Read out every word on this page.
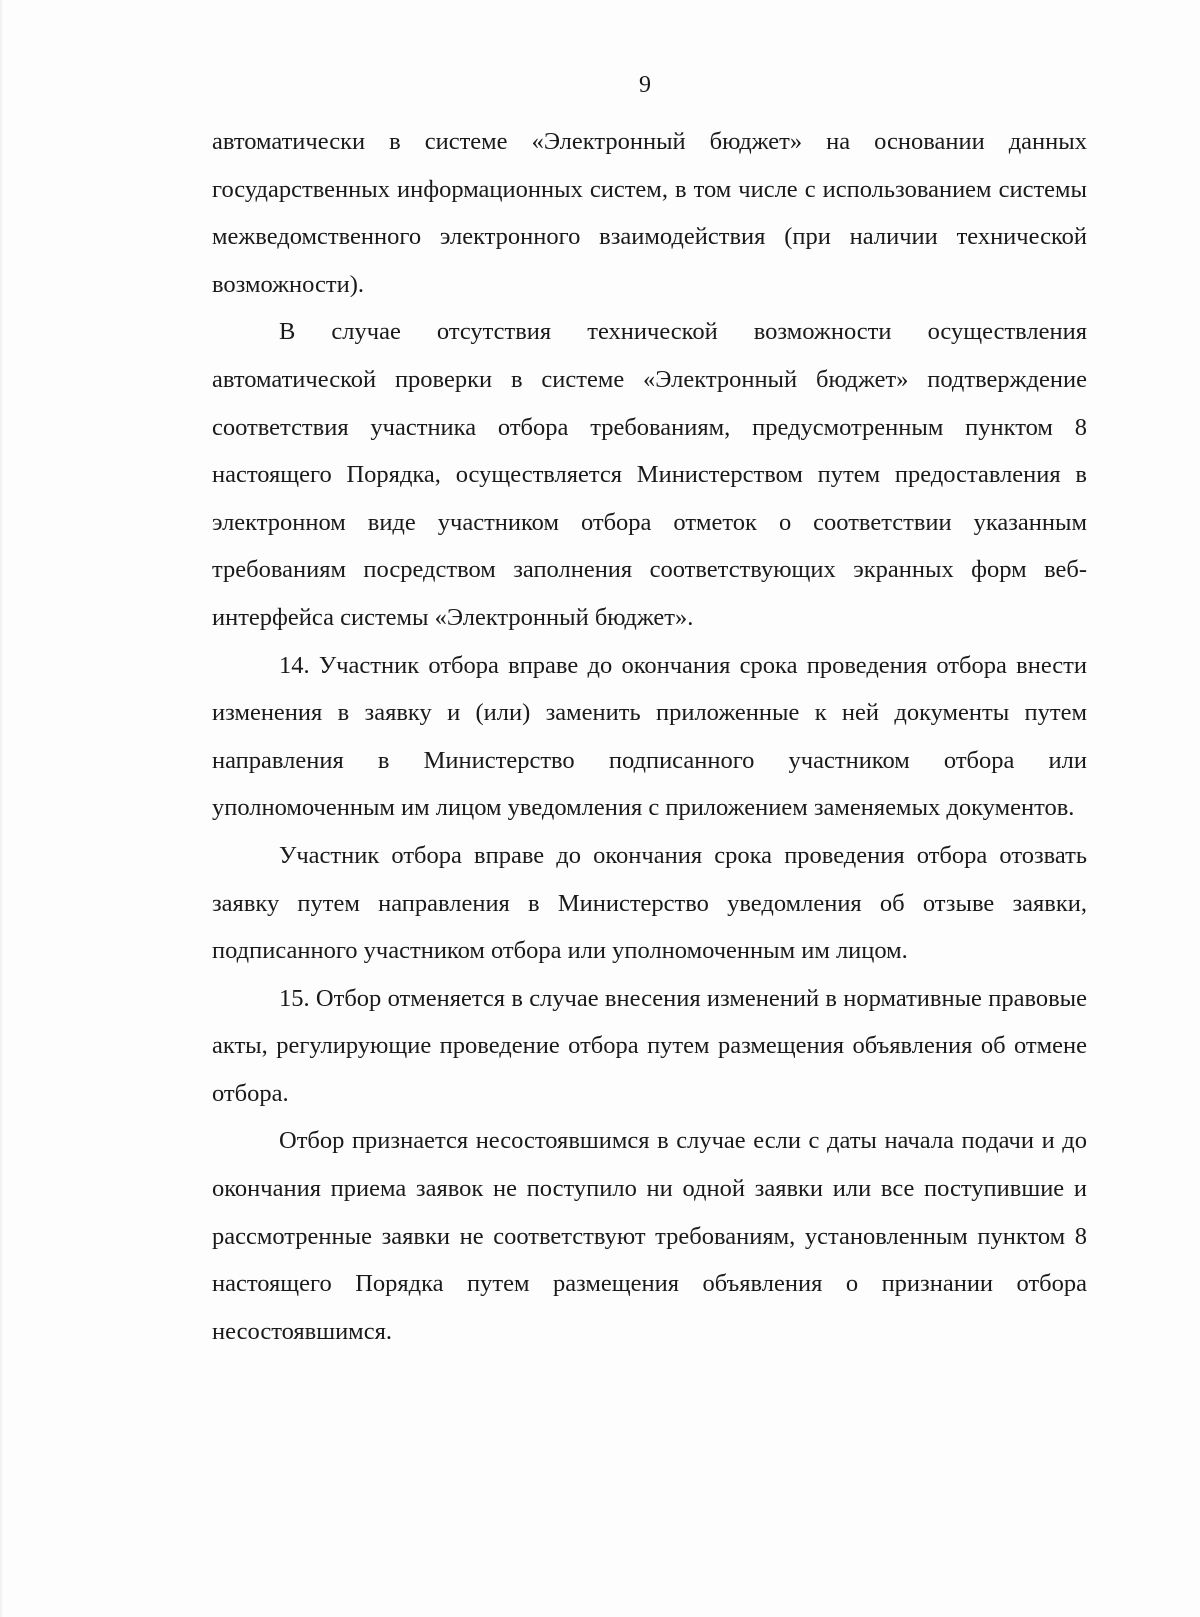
9

автоматически в системе «Электронный бюджет» на основании данных государственных информационных систем, в том числе с использованием системы межведомственного электронного взаимодействия (при наличии технической возможности).

В случае отсутствия технической возможности осуществления автоматической проверки в системе «Электронный бюджет» подтверждение соответствия участника отбора требованиям, предусмотренным пунктом 8 настоящего Порядка, осуществляется Министерством путем предоставления в электронном виде участником отбора отметок о соответствии указанным требованиям посредством заполнения соответствующих экранных форм веб-интерфейса системы «Электронный бюджет».

14. Участник отбора вправе до окончания срока проведения отбора внести изменения в заявку и (или) заменить приложенные к ней документы путем направления в Министерство подписанного участником отбора или уполномоченным им лицом уведомления с приложением заменяемых документов.

Участник отбора вправе до окончания срока проведения отбора отозвать заявку путем направления в Министерство уведомления об отзыве заявки, подписанного участником отбора или уполномоченным им лицом.

15. Отбор отменяется в случае внесения изменений в нормативные правовые акты, регулирующие проведение отбора путем размещения объявления об отмене отбора.

Отбор признается несостоявшимся в случае если с даты начала подачи и до окончания приема заявок не поступило ни одной заявки или все поступившие и рассмотренные заявки не соответствуют требованиям, установленным пунктом 8 настоящего Порядка путем размещения объявления о признании отбора несостоявшимся.
